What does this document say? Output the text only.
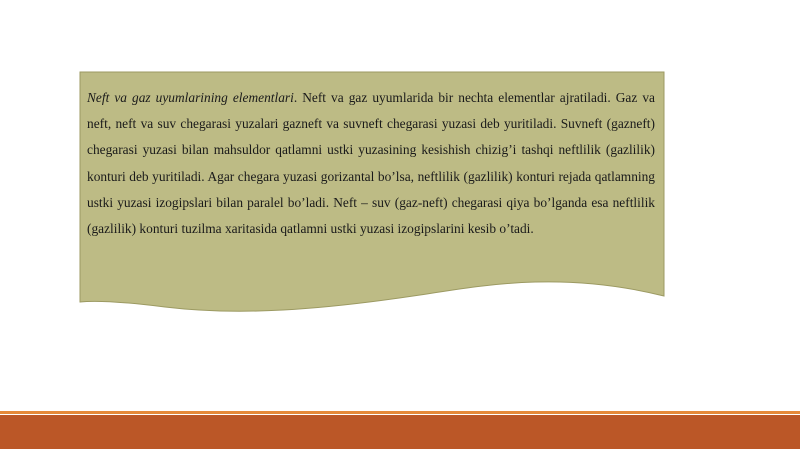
Neft va gaz uyumlarining elementlari. Neft va gaz uyumlarida bir nechta elementlar ajratiladi. Gaz va neft, neft va suv chegarasi yuzalari gazneft va suvneft chegarasi yuzasi deb yuritiladi. Suvneft (gazneft) chegarasi yuzasi bilan mahsuldor qatlamni ustki yuzasining kesishish chizig’i tashqi neftlilik (gazlilik) konturi deb yuritiladi. Agar chegara yuzasi gorizantal bo’lsa, neftlilik (gazlilik) konturi rejada qatlamning ustki yuzasi izogipslari bilan paralel bo’ladi. Neft – suv (gaz-neft) chegarasi qiya bo’lganda esa neftlilik (gazlilik) konturi tuzilma xaritasida qatlamni ustki yuzasi izogipslarini kesib o’tadi.
